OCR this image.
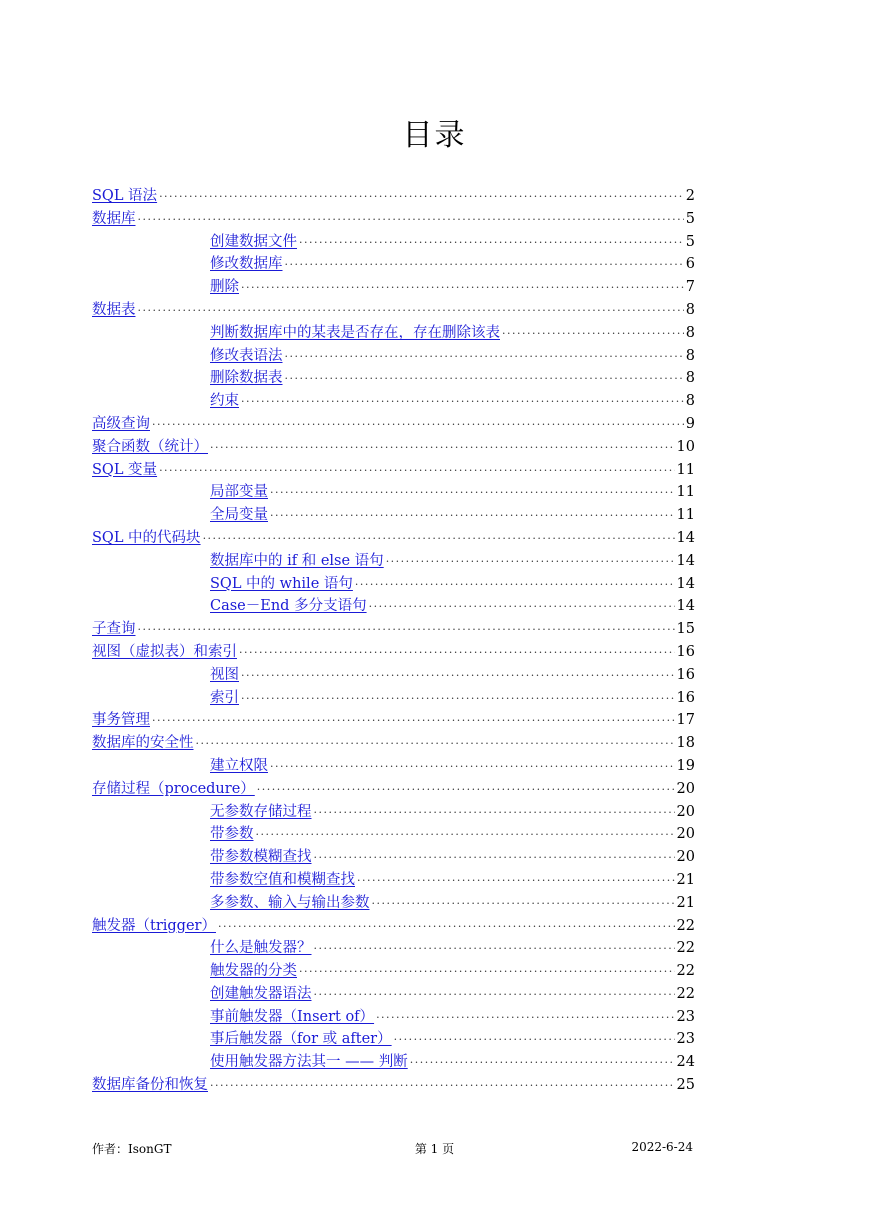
目录
SQL 语法 ·····	2
数据库 ·····	5
创建数据文件 ·····	5
修改数据库 ·····	6
删除 ·····	7
数据表 ·····	8
判断数据库中的某表是否存在，存在删除该表 ·····	8
修改表语法 ·····	8
删除数据表 ·····	8
约束 ·····	8
高级查询 ·····	9
聚合函数（统计） ·····	10
SQL 变量 ·····	11
局部变量 ·····	11
全局变量 ·····	11
SQL 中的代码块 ·····	14
数据库中的 if 和 else 语句 ·····	14
SQL 中的 while 语句 ·····	14
Case－End 多分支语句 ·····	14
子查询 ·····	15
视图（虚拟表）和索引 ·····	16
视图 ·····	16
索引 ·····	16
事务管理 ·····	17
数据库的安全性 ·····	18
建立权限 ·····	19
存储过程（procedure） ·····	20
无参数存储过程 ·····	20
带参数 ·····	20
带参数模糊查找 ·····	20
带参数空值和模糊查找 ·····	21
多参数、输入与输出参数 ·····	21
触发器（trigger） ·····	22
什么是触发器？ ·····	22
触发器的分类 ·····	22
创建触发器语法 ·····	22
事前触发器（Insert of） ·····	23
事后触发器（for 或 after） ·····	23
使用触发器方法其一 —— 判断 ·····	24
数据库备份和恢复 ·····	25
作者：IsonGT	第 1 页	2022-6-24
